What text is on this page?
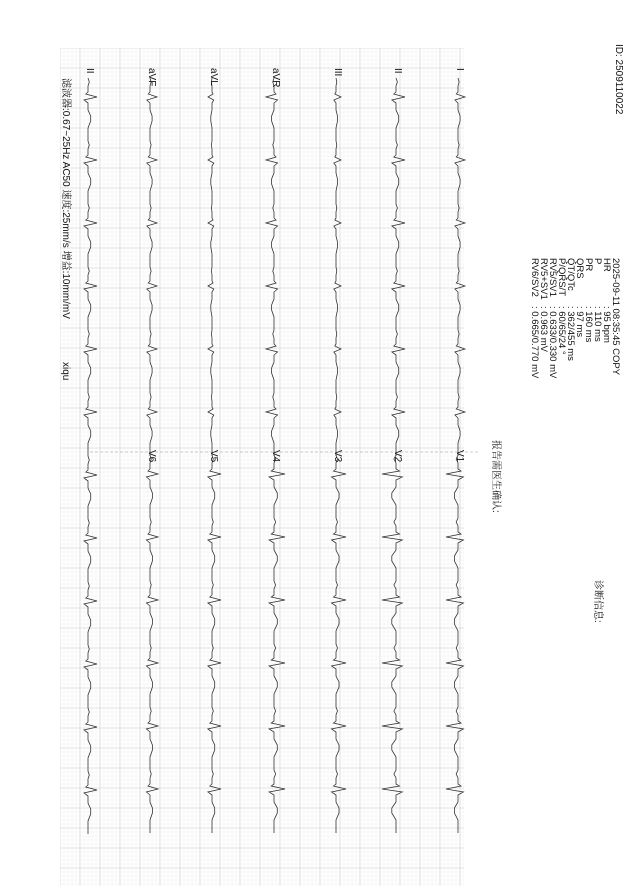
ID: 2509110022
诊断信息:
报告需医生确认:
2025-09-11 08:35:45 COPY
HR
: 95 bpm
P
: 110 ms
PR
: 160 ms
QRS
: 97 ms
QT/QTc
: 362/455 ms
P/QRS/T
: 60/65/24 °
RV5/SV1
: 0.633/0.330 mV
RV5+SV1
: 0.963 mV
RV6/SV2
: 0.665/0.770 mV
I
II
III
aVR
aVL
aVF
II
V1
V2
V3
V4
V5
V6
滤波器:0.67~25Hz AC50 速度:25mm/s 增益:10mm/mV
xiqu
